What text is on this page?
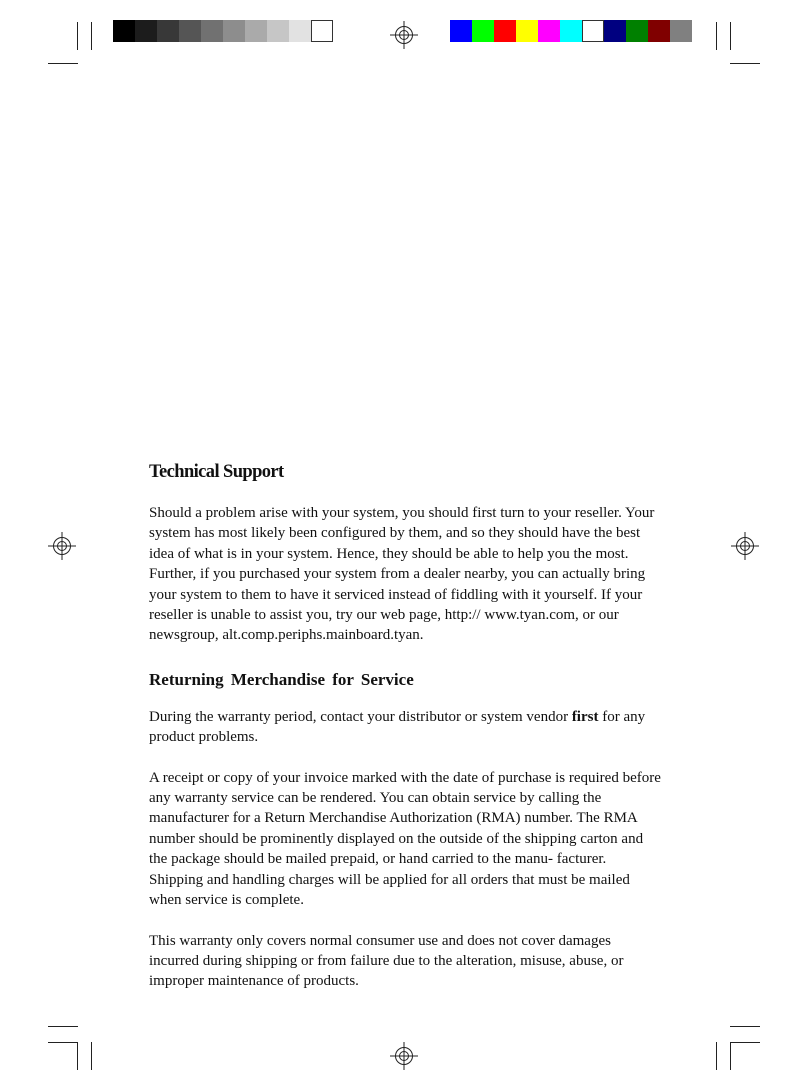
Technical Support

Should a problem arise with your system, you should first turn to your reseller. Your system has most likely been configured by them, and so they should have the best idea of what is in your system. Hence, they should be able to help you the most. Further, if you purchased your system from a dealer nearby, you can actually bring your system to them to have it serviced instead of fiddling with it yourself. If your reseller is unable to assist you, try our web page, http:// www.tyan.com, or our newsgroup, alt.comp.periphs.mainboard.tyan.

Returning Merchandise for Service

During the warranty period, contact your distributor or system vendor first for any product problems.

A receipt or copy of your invoice marked with the date of purchase is required before any warranty service can be rendered. You can obtain service by calling the manufacturer for a Return Merchandise Authorization (RMA) number. The RMA number should be prominently displayed on the outside of the shipping carton and the package should be mailed prepaid, or hand carried to the manu- facturer. Shipping and handling charges will be applied for all orders that must be mailed when service is complete.

This warranty only covers normal consumer use and does not cover damages incurred during shipping or from failure due to the alteration, misuse, abuse, or improper maintenance of products.
